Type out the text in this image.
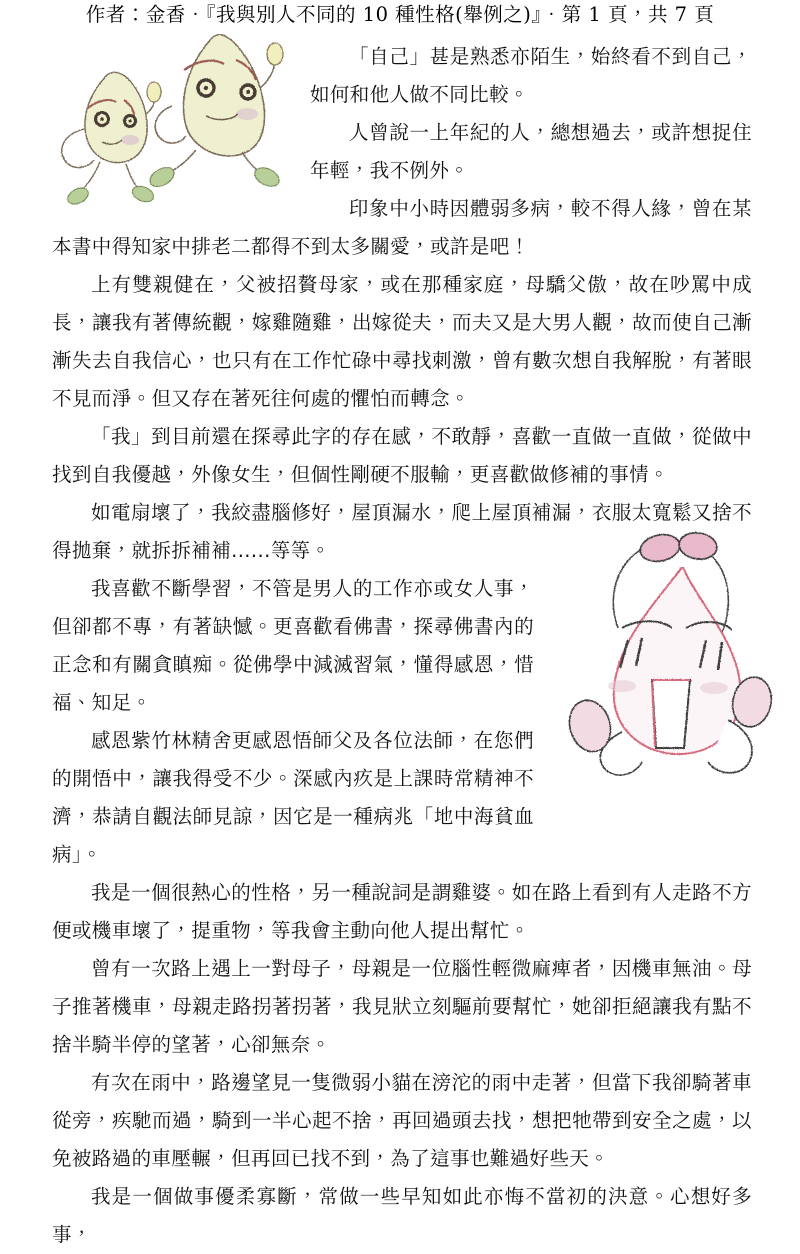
作者：金香‧『我與別人不同的 10 種性格(舉例之)』‧第 1 頁，共 7 頁

「自己」甚是熟悉亦陌生，始終看不到自己，如何和他人做不同比較。

人曾說一上年紀的人，總想過去，或許想捉住年輕，我不例外。

印象中小時因體弱多病，較不得人緣，曾在某本書中得知家中排老二都得不到太多關愛，或許是吧！

上有雙親健在，父被招贅母家，或在那種家庭，母驕父傲，故在吵罵中成長，讓我有著傳統觀，嫁雞隨雞，出嫁從夫，而夫又是大男人觀，故而使自己漸漸失去自我信心，也只有在工作忙碌中尋找刺激，曾有數次想自我解脫，有著眼不見而淨。但又存在著死往何處的懼怕而轉念。

「我」到目前還在探尋此字的存在感，不敢靜，喜歡一直做一直做，從做中找到自我優越，外像女生，但個性剛硬不服輸，更喜歡做修補的事情。

如電扇壞了，我絞盡腦修好，屋頂漏水，爬上屋頂補漏，衣服太寬鬆又捨不得拋棄，就拆拆補補......等等。

我喜歡不斷學習，不管是男人的工作亦或女人事，但卻都不專，有著缺憾。更喜歡看佛書，探尋佛書內的正念和有關貪瞋痴。從佛學中減滅習氣，懂得感恩，惜福、知足。

感恩紫竹林精舍更感恩悟師父及各位法師，在您們的開悟中，讓我得受不少。深感內疚是上課時常精神不濟，恭請自觀法師見諒，因它是一種病兆「地中海貧血病」。

我是一個很熱心的性格，另一種說詞是謂雞婆。如在路上看到有人走路不方便或機車壞了，提重物，等我會主動向他人提出幫忙。

曾有一次路上遇上一對母子，母親是一位腦性輕微麻痺者，因機車無油。母子推著機車，母親走路拐著拐著，我見狀立刻驅前要幫忙，她卻拒絕讓我有點不捨半騎半停的望著，心卻無奈。

有次在雨中，路邊望見一隻微弱小貓在滂沱的雨中走著，但當下我卻騎著車從旁，疾馳而過，騎到一半心起不捨，再回過頭去找，想把牠帶到安全之處，以免被路過的車壓輾，但再回已找不到，為了這事也難過好些天。

我是一個做事優柔寡斷，常做一些早知如此亦悔不當初的決意。心想好多事，
